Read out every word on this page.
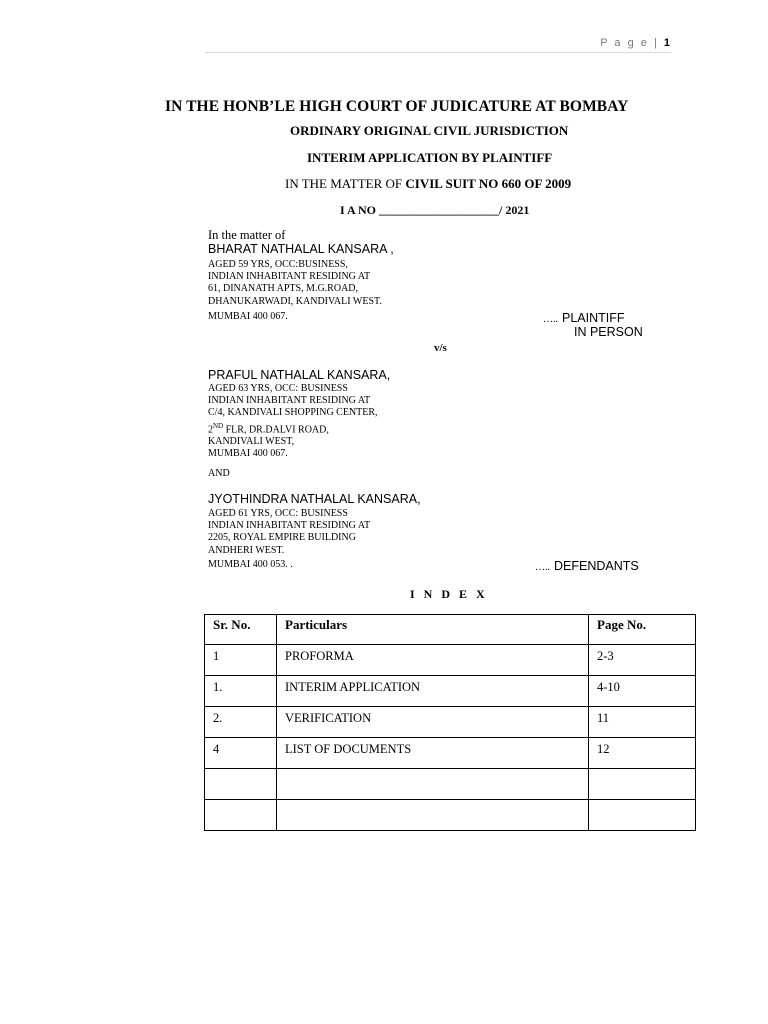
P a g e | 1
IN THE HONB’LE HIGH COURT OF JUDICATURE AT BOMBAY
ORDINARY ORIGINAL CIVIL JURISDICTION
INTERIM APPLICATION BY PLAINTIFF
IN THE MATTER OF CIVIL SUIT NO 660 OF 2009
I A NO ____________________/ 2021
In the matter of
BHARAT NATHALAL KANSARA ,
AGED 59 YRS, OCC:BUSINESS,
INDIAN INHABITANT RESIDING AT
61, DINANATH APTS, M.G.ROAD,
DHANUKARWADI, KANDIVALI WEST.
MUMBAI 400 067.	….. PLAINTIFF
IN PERSON
v/s
PRAFUL NATHALAL KANSARA,
AGED 63 YRS, OCC: BUSINESS
INDIAN INHABITANT RESIDING AT
C/4, KANDIVALI SHOPPING CENTER,
2ND FLR, DR.DALVI ROAD,
KANDIVALI WEST,
MUMBAI 400 067.
AND
JYOTHINDRA NATHALAL KANSARA,
AGED 61 YRS, OCC: BUSINESS
INDIAN INHABITANT RESIDING AT
2205, ROYAL EMPIRE BUILDING
ANDHERI WEST.
MUMBAI 400 053. .	….. DEFENDANTS
I N D E X
Sr. No.	Particulars	Page No.
1	PROFORMA	2-3
1.	INTERIM APPLICATION	4-10
2.	VERIFICATION	11
4	LIST OF DOCUMENTS	12
